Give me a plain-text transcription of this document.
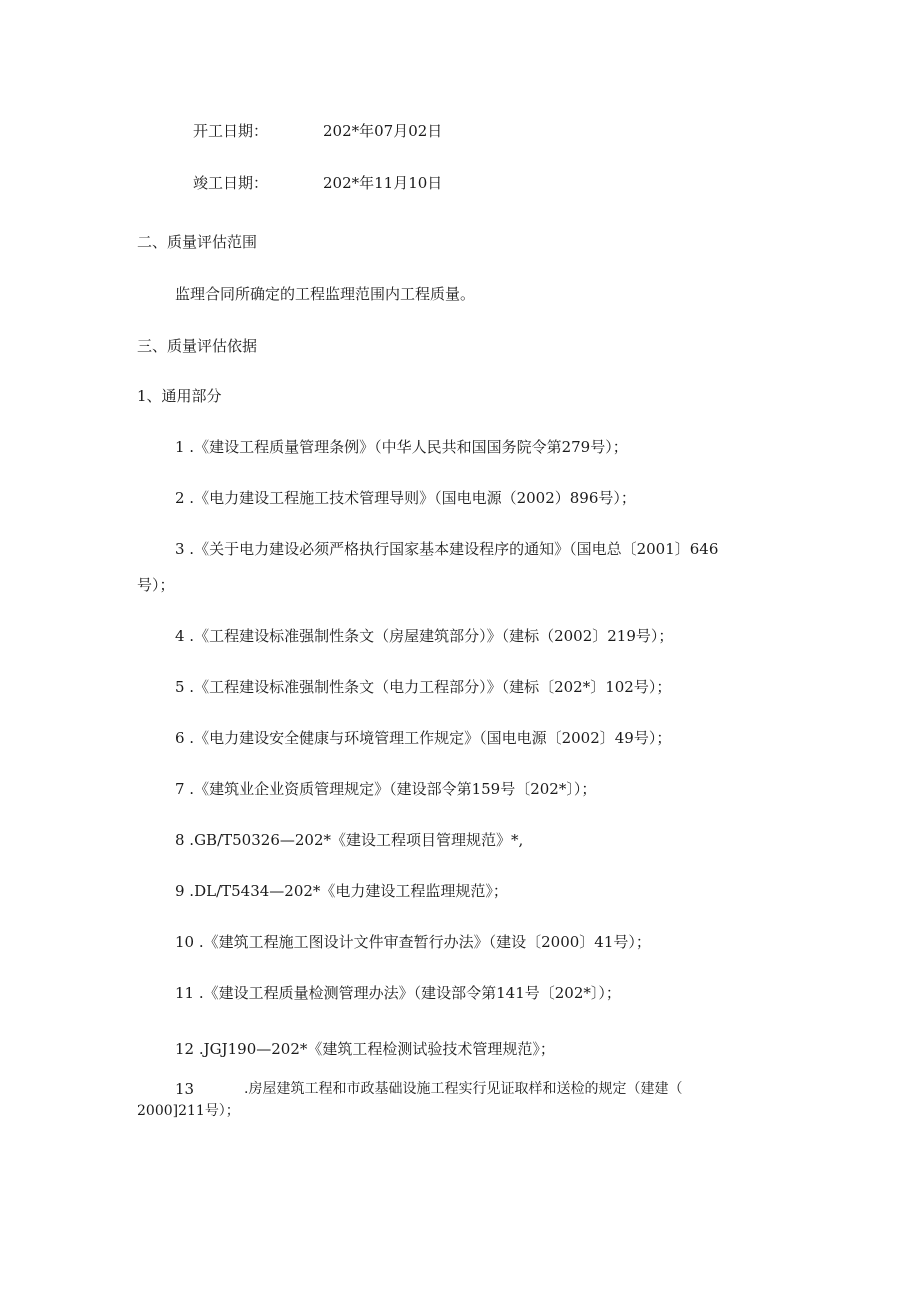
开工日期：	202*年07月02日
竣工日期：	202*年11月10日
二、质量评估范围
监理合同所确定的工程监理范围内工程质量。
三、质量评估依据
1、通用部分
1 .《建设工程质量管理条例》（中华人民共和国国务院令第279号）；
2 .《电力建设工程施工技术管理导则》（国电电源（2002）896号）；
3 .《关于电力建设必须严格执行国家基本建设程序的通知》（国电总〔2001〕646
号）；
4 .《工程建设标准强制性条文（房屋建筑部分）》（建标（2002〕219号）；
5 .《工程建设标准强制性条文（电力工程部分）》（建标〔202*〕102号）；
6 .《电力建设安全健康与环境管理工作规定》（国电电源〔2002〕49号）；
7 .《建筑业企业资质管理规定》（建设部令第159号〔202*〕）；
8 .GB/T50326—202*《建设工程项目管理规范》*,
9 .DL/T5434—202*《电力建设工程监理规范》；
10 .《建筑工程施工图设计文件审查暂行办法》（建设〔2000〕41号）；
11 .《建设工程质量检测管理办法》（建设部令第141号〔202*〕）；
12 .JGJ190—202*《建筑工程检测试验技术管理规范》；
13	.房屋建筑工程和市政基础设施工程实行见证取样和送检的规定（建建（
2000]211号）；
